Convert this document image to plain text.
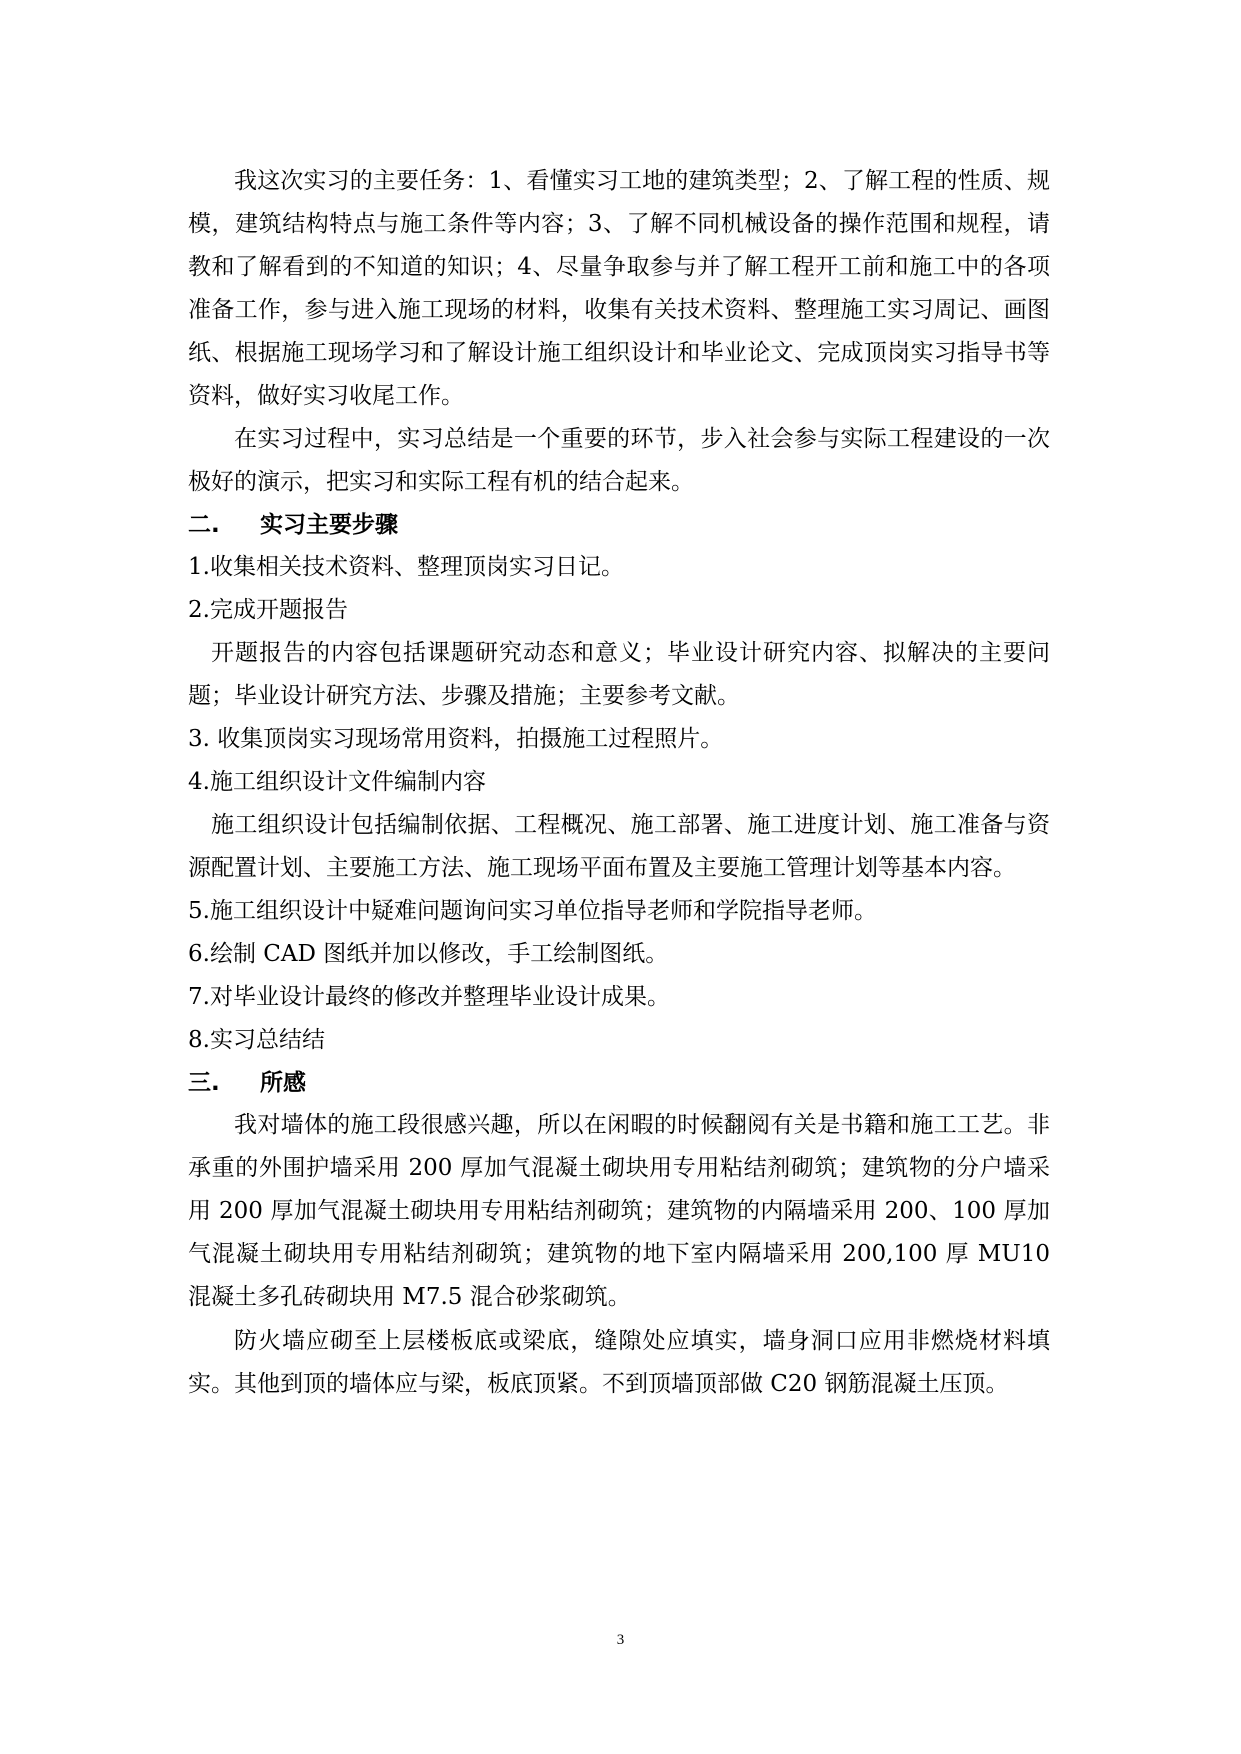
我这次实习的主要任务：1、看懂实习工地的建筑类型；2、了解工程的性质、规模，建筑结构特点与施工条件等内容；3、了解不同机械设备的操作范围和规程，请教和了解看到的不知道的知识；4、尽量争取参与并了解工程开工前和施工中的各项准备工作，参与进入施工现场的材料，收集有关技术资料、整理施工实习周记、画图纸、根据施工现场学习和了解设计施工组织设计和毕业论文、完成顶岗实习指导书等资料，做好实习收尾工作。

在实习过程中，实习总结是一个重要的环节，步入社会参与实际工程建设的一次极好的演示，把实习和实际工程有机的结合起来。

二.	实习主要步骤

1.收集相关技术资料、整理顶岗实习日记。

2.完成开题报告

开题报告的内容包括课题研究动态和意义；毕业设计研究内容、拟解决的主要问题；毕业设计研究方法、步骤及措施；主要参考文献。

3. 收集顶岗实习现场常用资料，拍摄施工过程照片。

4.施工组织设计文件编制内容

施工组织设计包括编制依据、工程概况、施工部署、施工进度计划、施工准备与资源配置计划、主要施工方法、施工现场平面布置及主要施工管理计划等基本内容。

5.施工组织设计中疑难问题询问实习单位指导老师和学院指导老师。

6.绘制 CAD 图纸并加以修改，手工绘制图纸。

7.对毕业设计最终的修改并整理毕业设计成果。

8.实习总结结

三.	所感

我对墙体的施工段很感兴趣，所以在闲暇的时候翻阅有关是书籍和施工工艺。非承重的外围护墙采用 200 厚加气混凝土砌块用专用粘结剂砌筑；建筑物的分户墙采用 200 厚加气混凝土砌块用专用粘结剂砌筑；建筑物的内隔墙采用 200、100 厚加气混凝土砌块用专用粘结剂砌筑；建筑物的地下室内隔墙采用 200,100 厚 MU10 混凝土多孔砖砌块用 M7.5 混合砂浆砌筑。

防火墙应砌至上层楼板底或梁底，缝隙处应填实，墙身洞口应用非燃烧材料填实。其他到顶的墙体应与梁，板底顶紧。不到顶墙顶部做 C20 钢筋混凝土压顶。

3
